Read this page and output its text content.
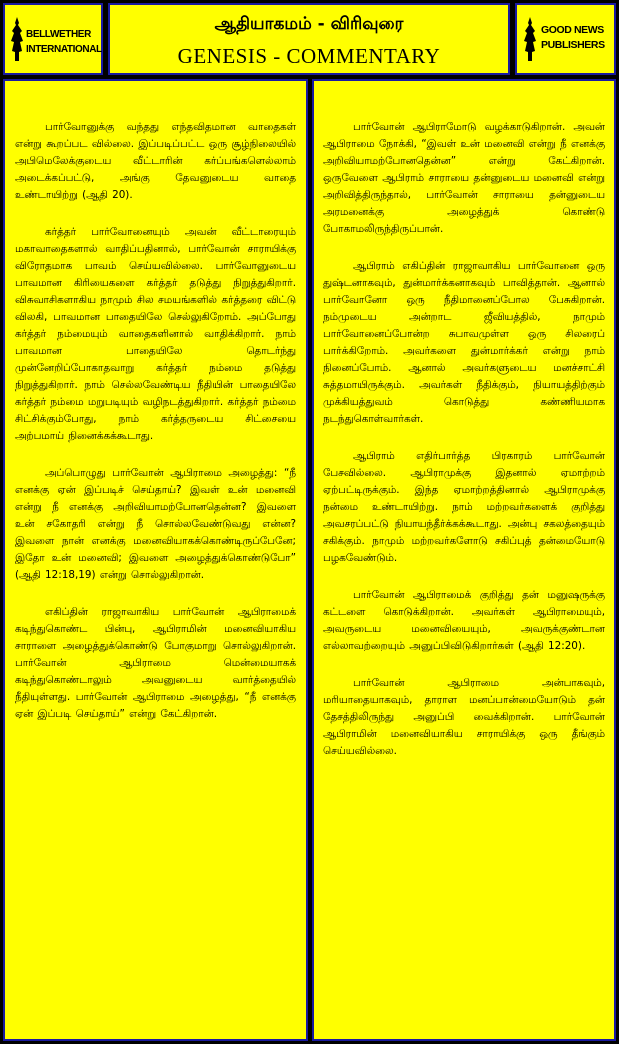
BELLWETHER
INTERNATIONAL
ஆதியாகமம் - விரிவுரை
GENESIS - COMMENTARY
GOOD NEWS
PUBLISHERS

பார்வோனுக்கு வந்தது எந்தவிதமான வாதைகள் என்று கூறப்பட வில்லை. இப்படிப்பட்ட ஒரு சூழ்நிலையில் அபிமெலேக்குடைய வீட்டாரின் கர்ப்பங்களெல்லாம் அடைக்கப்பட்டு, அங்கு தேவனுடைய வாதை உண்டாயிற்று (ஆதி 20).

கர்த்தர் பார்வோனையும் அவன் வீட்டாரையும் மகாவாதைகளால் வாதிப்பதினால், பார்வோன் சாராயிக்கு விரோதமாக பாவம் செய்யவில்லை. பார்வோனுடைய பாவமான கிரியைகளை கர்த்தர் தடுத்து நிறுத்துகிறார். விசுவாசிகளாகிய நாமும் சில சமயங்களில் கர்த்தரை விட்டு விலகி, பாவமான பாதையிலே செல்லுகிறோம். அப்போது கர்த்தர் நம்மையும் வாதைகளினால் வாதிக்கிறார். நாம் பாவமான பாதையிலே தொடர்ந்து முன்னேறிப்போகாதவாறு கர்த்தர் நம்மை தடுத்து நிறுத்துகிறார். நாம் செல்லவேண்டிய நீதியின் பாதையிலே கர்த்தர் நம்மை மறுபடியும் வழிநடத்துகிறார். கர்த்தர் நம்மை சிட்சிக்கும்போது, நாம் கர்த்தருடைய சிட்சையை அற்பமாய் நினைக்கக்கூடாது.

அப்பொழுது பார்வோன் ஆபிராமை அழைத்து: “நீ எனக்கு ஏன் இப்படிச் செய்தாய்? இவள் உன் மனைவி என்று நீ எனக்கு அறிவியாமற்போனதென்ன? இவளை உன் சகோதரி என்று நீ சொல்லவேண்டுவது என்ன? இவளை நான் எனக்கு மனைவியாகக்கொண்டிருப்பேனே; இதோ உன் மனைவி; இவளை அழைத்துக்கொண்டுபோ” (ஆதி 12:18,19) என்று சொல்லுகிறான்.

எகிப்தின் ராஜாவாகிய பார்வோன் ஆபிராமைக் கடிந்துகொண்ட பின்பு, ஆபிராமின் மனைவியாகிய சாராளை அழைத்துக்கொண்டு போகுமாறு சொல்லுகிறான். பார்வோன் ஆபிராமை மென்மையாகக் கடிந்துகொண்டாலும் அவனுடைய வார்த்தையில் நீதியுள்ளது. பார்வோன் ஆபிராமை அழைத்து, “நீ எனக்கு ஏன் இப்படி செய்தாய்” என்று கேட்கிறான்.

பார்வோன் ஆபிராமோடு வழக்காடுகிறான். அவன் ஆபிராமை நோக்கி, “இவள் உன் மனைவி என்று நீ எனக்கு அறிவியாமற்போனதென்ன” என்று கேட்கிறான். ஒருவேளை ஆபிராம் சாராயை தன்னுடைய மனைவி என்று அறிவித்திருந்தால், பார்வோன் சாராயை தன்னுடைய அரமனைக்கு அழைத்துக் கொண்டு போகாமலிருந்திருப்பான்.

ஆபிராம் எகிப்தின் ராஜாவாகிய பார்வோனை ஒரு துஷ்டனாகவும், துன்மார்க்கனாகவும் பாவித்தான். ஆனால் பார்வோனோ ஒரு நீதிமானைப்போல பேசுகிறான். நம்முடைய அன்றாட ஜீவியத்தில், நாமும் பார்வோனைப்போன்ற சுபாவமுள்ள ஒரு சிலரைப் பார்க்கிறோம். அவர்களை துன்மார்க்கர் என்று நாம் நினைப்போம். ஆனால் அவர்களுடைய மனச்சாட்சி சுத்தமாயிருக்கும். அவர்கள் நீதிக்கும், நியாயத்திற்கும் முக்கியத்துவம் கொடுத்து கண்ணியமாக நடந்துகொள்வார்கள்.

ஆபிராம் எதிர்பார்த்த பிரகாரம் பார்வோன் பேசவில்லை. ஆபிராமுக்கு இதனால் ஏமாற்றம் ஏற்பட்டிருக்கும். இந்த ஏமாற்றத்தினால் ஆபிராமுக்கு நன்மை உண்டாயிற்று. நாம் மற்றவர்களைக் குறித்து அவசரப்பட்டு நியாயந்தீர்க்கக்கூடாது. அன்பு சகலத்தையும் சகிக்கும். நாமும் மற்றவர்களோடு சகிப்புத் தன்மையோடு பழகவேண்டும்.

பார்வோன் ஆபிராமைக் குறித்து தன் மனுஷருக்கு கட்டளை கொடுக்கிறான். அவர்கள் ஆபிராமையும், அவருடைய மனைவியையும், அவருக்குண்டான எல்லாவற்றையும் அனுப்பிவிடுகிறார்கள் (ஆதி 12:20).

பார்வோன் ஆபிராமை அன்பாகவும், மரியாதையாகவும், தாராள மனப்பான்மையோடும் தன் தேசத்திலிருந்து அனுப்பி வைக்கிறான். பார்வோன் ஆபிராமின் மனைவியாகிய சாராயிக்கு ஒரு தீங்கும் செய்யவில்லை.
